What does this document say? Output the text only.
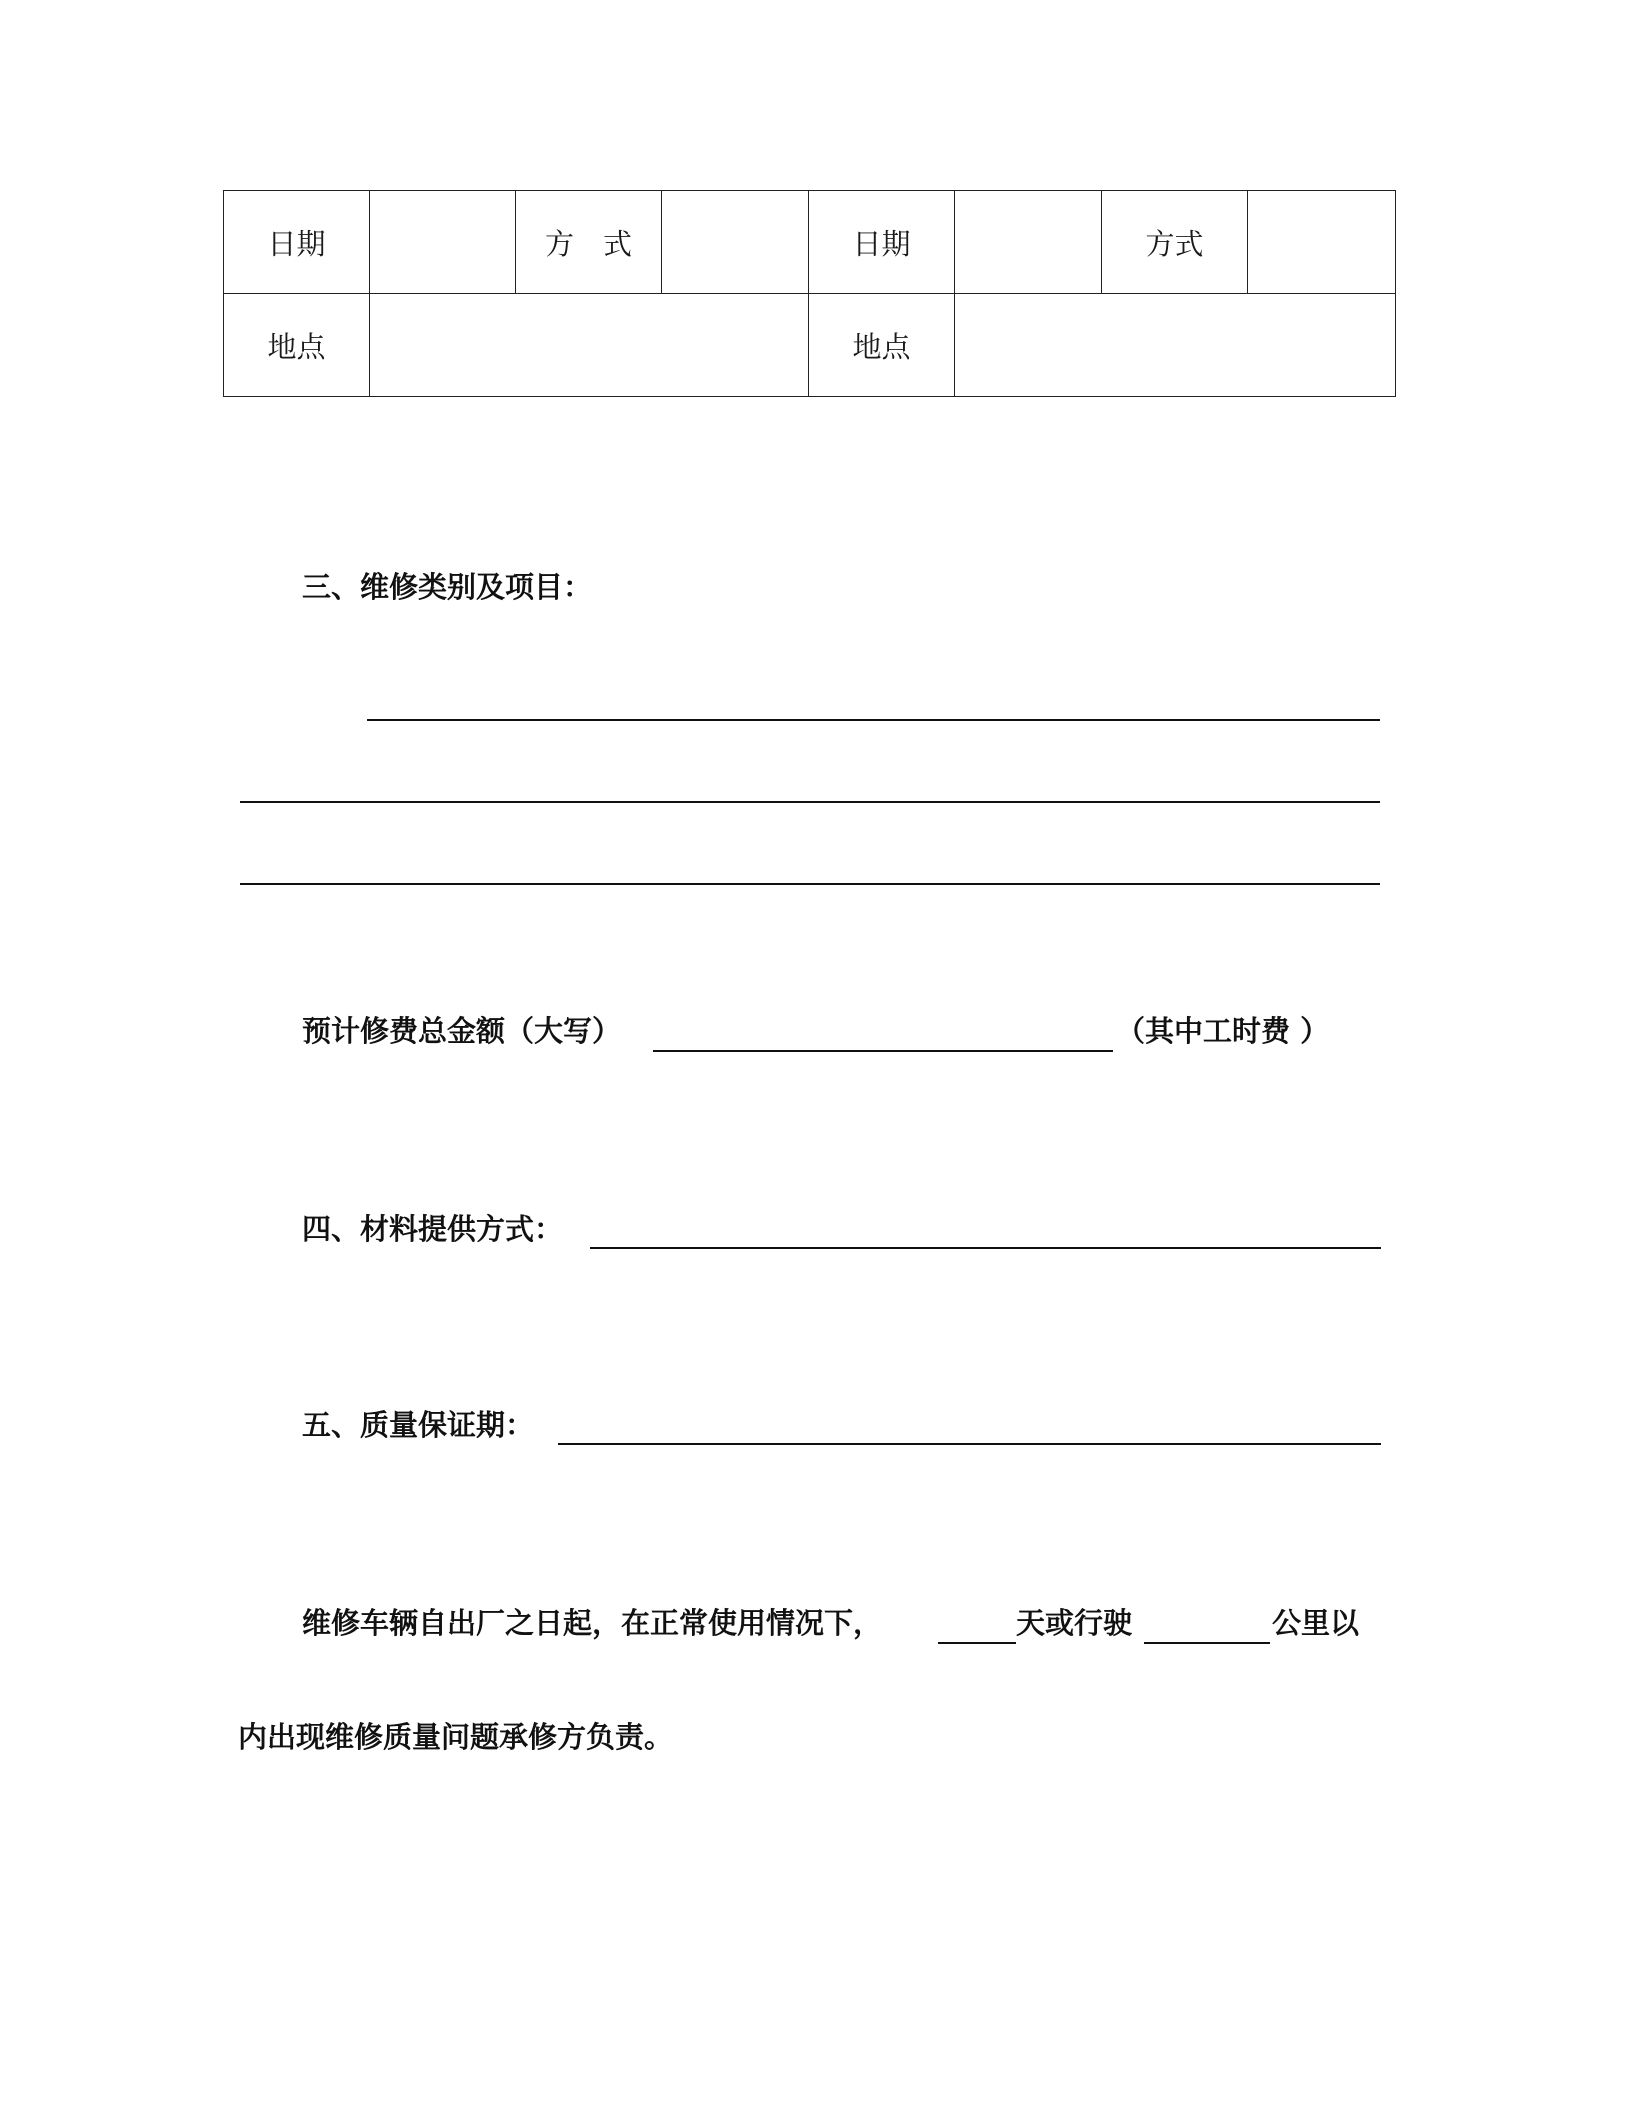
日期		方　式		日期		方式	
地点				地点			
三、维修类别及项目：
预计修费总金额（大写）	（其中工时费 ）
四、材料提供方式：
五、质量保证期：
维修车辆自出厂之日起，在正常使用情况下，	天或行驶	公里以
内出现维修质量问题承修方负责。
